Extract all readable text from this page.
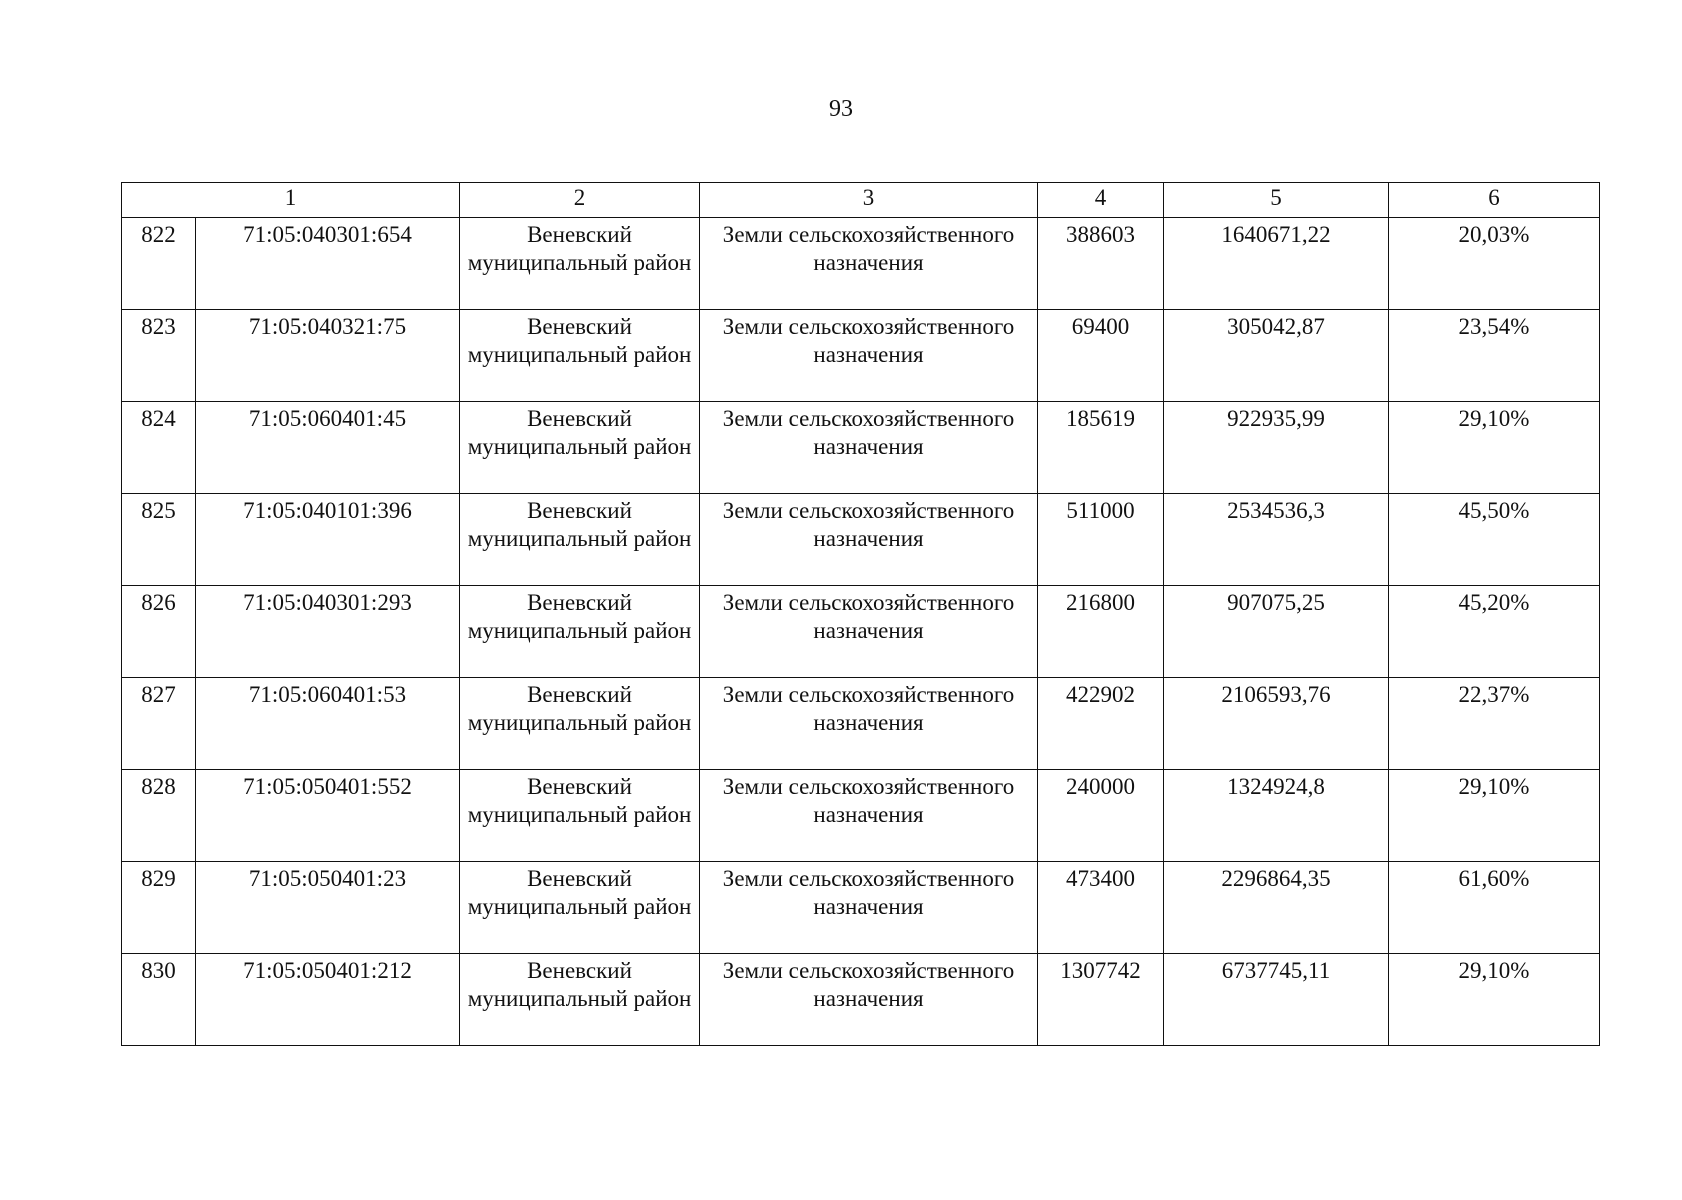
93
1		2	3	4	5	6
822	71:05:040301:654	Веневский муниципальный район	Земли сельскохозяйственного назначения	388603	1640671,22	20,03%
823	71:05:040321:75	Веневский муниципальный район	Земли сельскохозяйственного назначения	69400	305042,87	23,54%
824	71:05:060401:45	Веневский муниципальный район	Земли сельскохозяйственного назначения	185619	922935,99	29,10%
825	71:05:040101:396	Веневский муниципальный район	Земли сельскохозяйственного назначения	511000	2534536,3	45,50%
826	71:05:040301:293	Веневский муниципальный район	Земли сельскохозяйственного назначения	216800	907075,25	45,20%
827	71:05:060401:53	Веневский муниципальный район	Земли сельскохозяйственного назначения	422902	2106593,76	22,37%
828	71:05:050401:552	Веневский муниципальный район	Земли сельскохозяйственного назначения	240000	1324924,8	29,10%
829	71:05:050401:23	Веневский муниципальный район	Земли сельскохозяйственного назначения	473400	2296864,35	61,60%
830	71:05:050401:212	Веневский муниципальный район	Земли сельскохозяйственного назначения	1307742	6737745,11	29,10%
